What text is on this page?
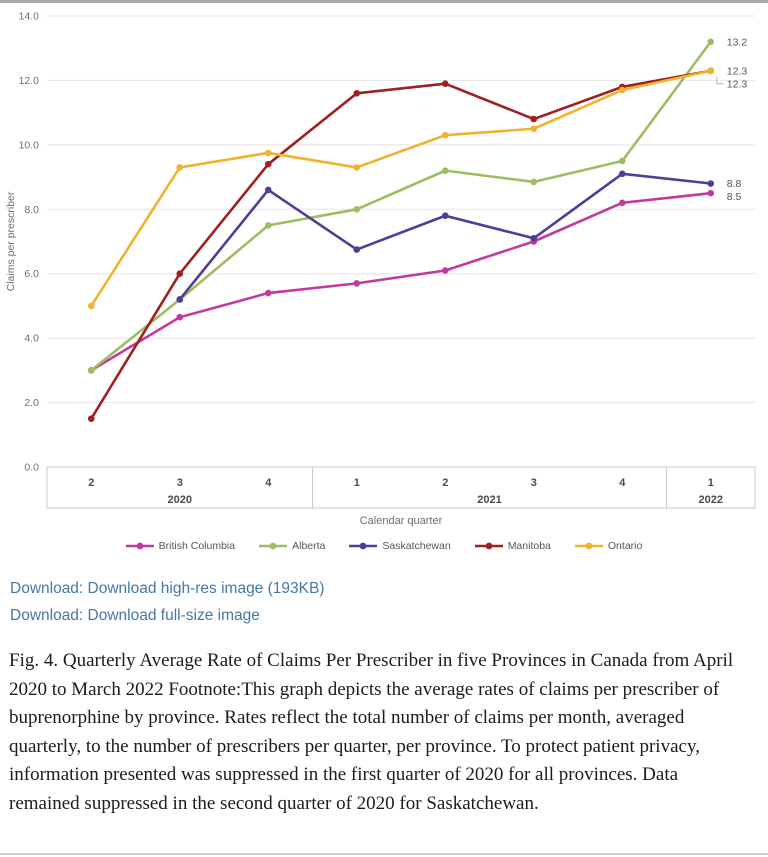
14.0
12.0
10.0
8.0
6.0
4.0
2.0
0.0
Claims per prescriber
2020	2021	2022
2	3	4	1	2	3	4	1
Calendar quarter
13.2
12.3
12.3
8.8
8.5
British Columbia	Alberta	Saskatchewan	Manitoba	Ontario
Download: Download high-res image (193KB)
Download: Download full-size image

Fig. 4. Quarterly Average Rate of Claims Per Prescriber in five Provinces in Canada from April 2020 to March 2022 Footnote:This graph depicts the average rates of claims per prescriber of buprenorphine by province. Rates reflect the total number of claims per month, averaged quarterly, to the number of prescribers per quarter, per province. To protect patient privacy, information presented was suppressed in the first quarter of 2020 for all provinces. Data remained suppressed in the second quarter of 2020 for Saskatchewan.
